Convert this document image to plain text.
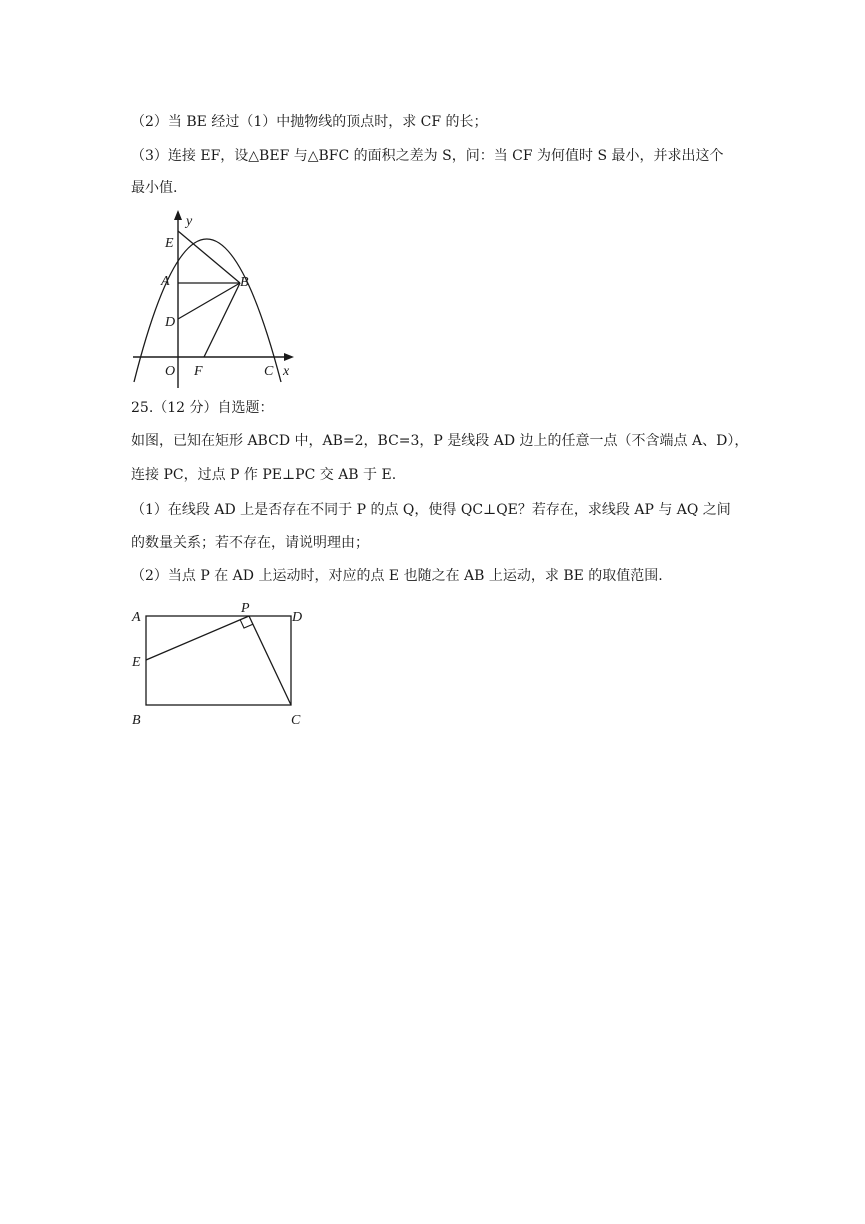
（2）当 BE 经过（1）中抛物线的顶点时，求 CF 的长；
（3）连接 EF，设△BEF 与△BFC 的面积之差为 S，问：当 CF 为何值时 S 最小，并求出这个
最小值.
y
E
A	B
D
O F	C x
25.（12 分）自选题：
如图，已知在矩形 ABCD 中，AB=2，BC=3，P 是线段 AD 边上的任意一点（不含端点 A、D），
连接 PC，过点 P 作 PE⊥PC 交 AB 于 E.
（1）在线段 AD 上是否存在不同于 P 的点 Q，使得 QC⊥QE？若存在，求线段 AP 与 AQ 之间
的数量关系；若不存在，请说明理由；
（2）当点 P 在 AD 上运动时，对应的点 E 也随之在 AB 上运动，求 BE 的取值范围.
A
P
D
E
B	C
